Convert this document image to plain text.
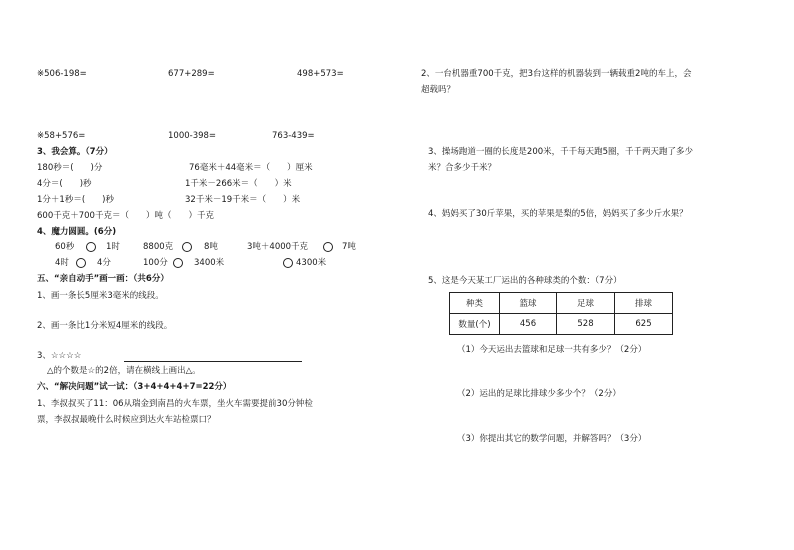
※506-198=	677+289=	498+573=
※58+576=	1000-398=	763-439=
3、我会算。（7分）
180秒＝(　　)分	76毫米＋44毫米＝（　　）厘米
4分＝(　　)秒	1千米－266米＝（　　）米
1分＋1秒＝(　　)秒	32千米－19千米＝（　　）米
600千克＋700千克＝（　　）吨（　　）千克
4、魔力圆圆。(6分)
60秒	1时	8800克	8吨	3吨＋4000千克	7吨
4时	4分	100分	3400米	4300米
五、“亲自动手”画一画：（共6分）
1、画一条长5厘米3毫米的线段。
2、画一条比1分米短4厘米的线段。
3、☆☆☆☆
△的个数是☆的2倍，请在横线上画出△。
六、“解决问题”试一试：（3+4+4+4+7=22分）
1、李叔叔买了11：06从瑞金到南昌的火车票，坐火车需要提前30分钟检
票，李叔叔最晚什么时候应到达火车站检票口？
2、一台机器重700千克，把3台这样的机器装到一辆载重2吨的车上，会
超载吗？
3、操场跑道一圈的长度是200米，千千每天跑5圈，千千两天跑了多少
米？合多少千米？
4、妈妈买了30斤苹果，买的苹果是梨的5倍，妈妈买了多少斤水果？
5、这是今天某工厂运出的各种球类的个数：（7分）
种类	篮球	足球	排球
数量(个)	456	528	625
（1）今天运出去篮球和足球一共有多少？（2分）
（2）运出的足球比排球少多少个？（2分）
（3）你提出其它的数学问题，并解答吗？（3分）
